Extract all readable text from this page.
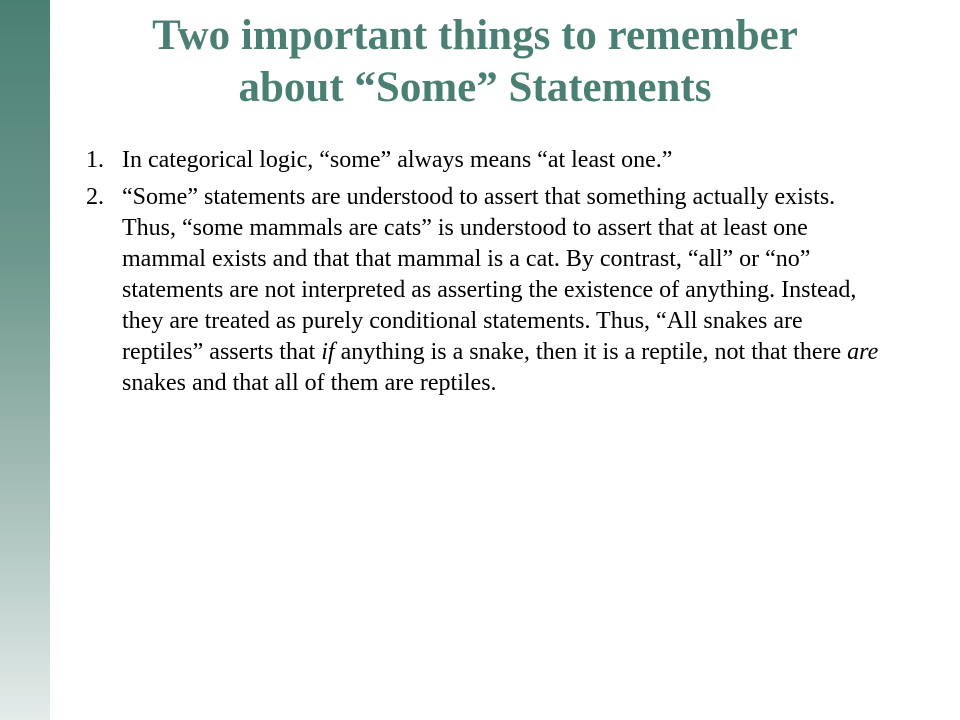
Two important things to remember
about “Some” Statements
1. In categorical logic, “some” always means “at least one.”
2. “Some” statements are understood to assert that something actually exists. Thus, “some mammals are cats” is understood to assert that at least one mammal exists and that that mammal is a cat. By contrast, “all” or “no” statements are not interpreted as asserting the existence of anything. Instead, they are treated as purely conditional statements. Thus, “All snakes are reptiles” asserts that if anything is a snake, then it is a reptile, not that there are snakes and that all of them are reptiles.
